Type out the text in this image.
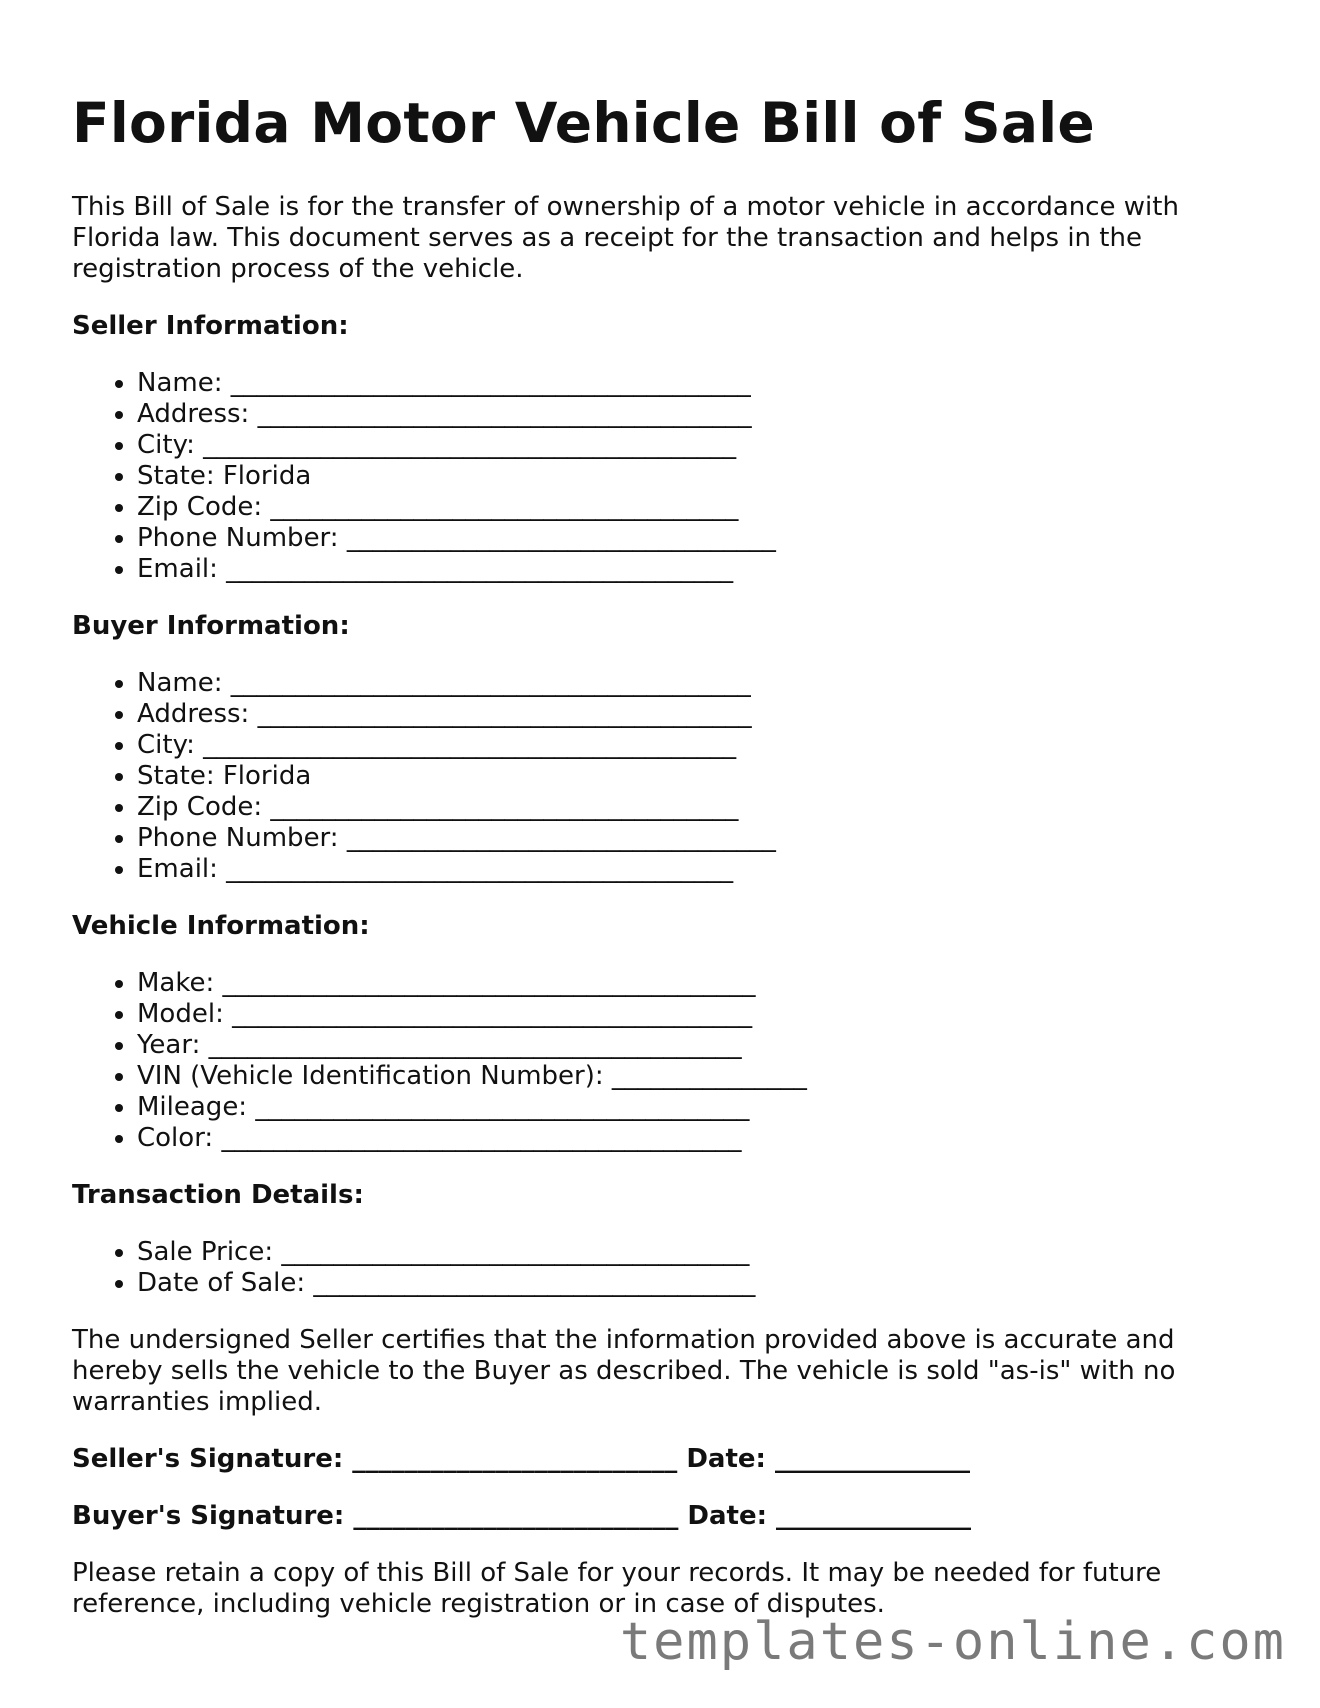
Florida Motor Vehicle Bill of Sale

This Bill of Sale is for the transfer of ownership of a motor vehicle in accordance with Florida law. This document serves as a receipt for the transaction and helps in the registration process of the vehicle.

Seller Information:
• Name: ________________________________________
• Address: ______________________________________
• City: _________________________________________
• State: Florida
• Zip Code: ____________________________________
• Phone Number: _________________________________
• Email: _______________________________________
Buyer Information:
• Name: ________________________________________
• Address: ______________________________________
• City: _________________________________________
• State: Florida
• Zip Code: ____________________________________
• Phone Number: _________________________________
• Email: _______________________________________
Vehicle Information:
• Make: _________________________________________
• Model: ________________________________________
• Year: _________________________________________
• VIN (Vehicle Identification Number): _______________
• Mileage: ______________________________________
• Color: ________________________________________
Transaction Details:
• Sale Price: ____________________________________
• Date of Sale: __________________________________

The undersigned Seller certifies that the information provided above is accurate and hereby sells the vehicle to the Buyer as described. The vehicle is sold "as-is" with no warranties implied.

Seller's Signature: _________________________ Date: _______________
Buyer's Signature: _________________________ Date: _______________

Please retain a copy of this Bill of Sale for your records. It may be needed for future reference, including vehicle registration or in case of disputes.

templates-online.com
